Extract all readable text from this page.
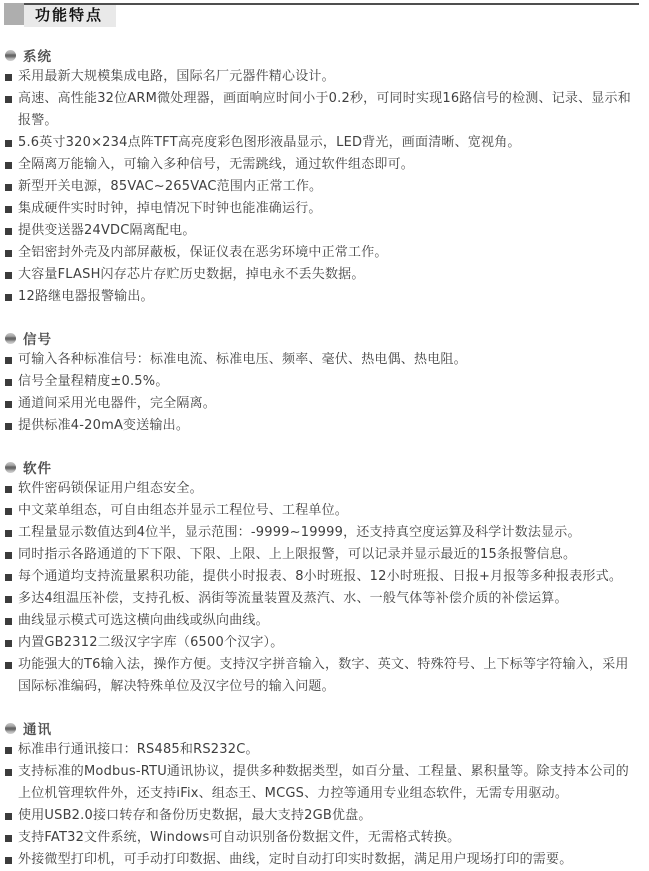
功能特点
系统
采用最新大规模集成电路，国际名厂元器件精心设计。
高速、高性能32位ARM微处理器，画面响应时间小于0.2秒，可同时实现16路信号的检测、记录、显示和报警。
5.6英寸320×234点阵TFT高亮度彩色图形液晶显示，LED背光，画面清晰、宽视角。
全隔离万能输入，可输入多种信号，无需跳线，通过软件组态即可。
新型开关电源，85VAC~265VAC范围内正常工作。
集成硬件实时时钟，掉电情况下时钟也能准确运行。
提供变送器24VDC隔离配电。
全铝密封外壳及内部屏蔽板，保证仪表在恶劣环境中正常工作。
大容量FLASH闪存芯片存贮历史数据，掉电永不丢失数据。
12路继电器报警输出。
信号
可输入各种标准信号：标准电流、标准电压、频率、毫伏、热电偶、热电阻。
信号全量程精度±0.5%。
通道间采用光电器件，完全隔离。
提供标准4-20mA变送输出。
软件
软件密码锁保证用户组态安全。
中文菜单组态，可自由组态并显示工程位号、工程单位。
工程量显示数值达到4位半，显示范围：-9999~19999，还支持真空度运算及科学计数法显示。
同时指示各路通道的下下限、下限、上限、上上限报警，可以记录并显示最近的15条报警信息。
每个通道均支持流量累积功能，提供小时报表、8小时班报、12小时班报、日报+月报等多种报表形式。
多达4组温压补偿，支持孔板、涡街等流量装置及蒸汽、水、一般气体等补偿介质的补偿运算。
曲线显示模式可选这横向曲线或纵向曲线。
内置GB2312二级汉字字库（6500个汉字）。
功能强大的T6输入法，操作方便。支持汉字拼音输入，数字、英文、特殊符号、上下标等字符输入，采用国际标准编码，解决特殊单位及汉字位号的输入问题。
通讯
标准串行通讯接口：RS485和RS232C。
支持标准的Modbus-RTU通讯协议，提供多种数据类型，如百分量、工程量、累积量等。除支持本公司的上位机管理软件外，还支持iFix、组态王、MCGS、力控等通用专业组态软件，无需专用驱动。
使用USB2.0接口转存和备份历史数据，最大支持2GB优盘。
支持FAT32文件系统，Windows可自动识别备份数据文件，无需格式转换。
外接微型打印机，可手动打印数据、曲线，定时自动打印实时数据，满足用户现场打印的需要。
